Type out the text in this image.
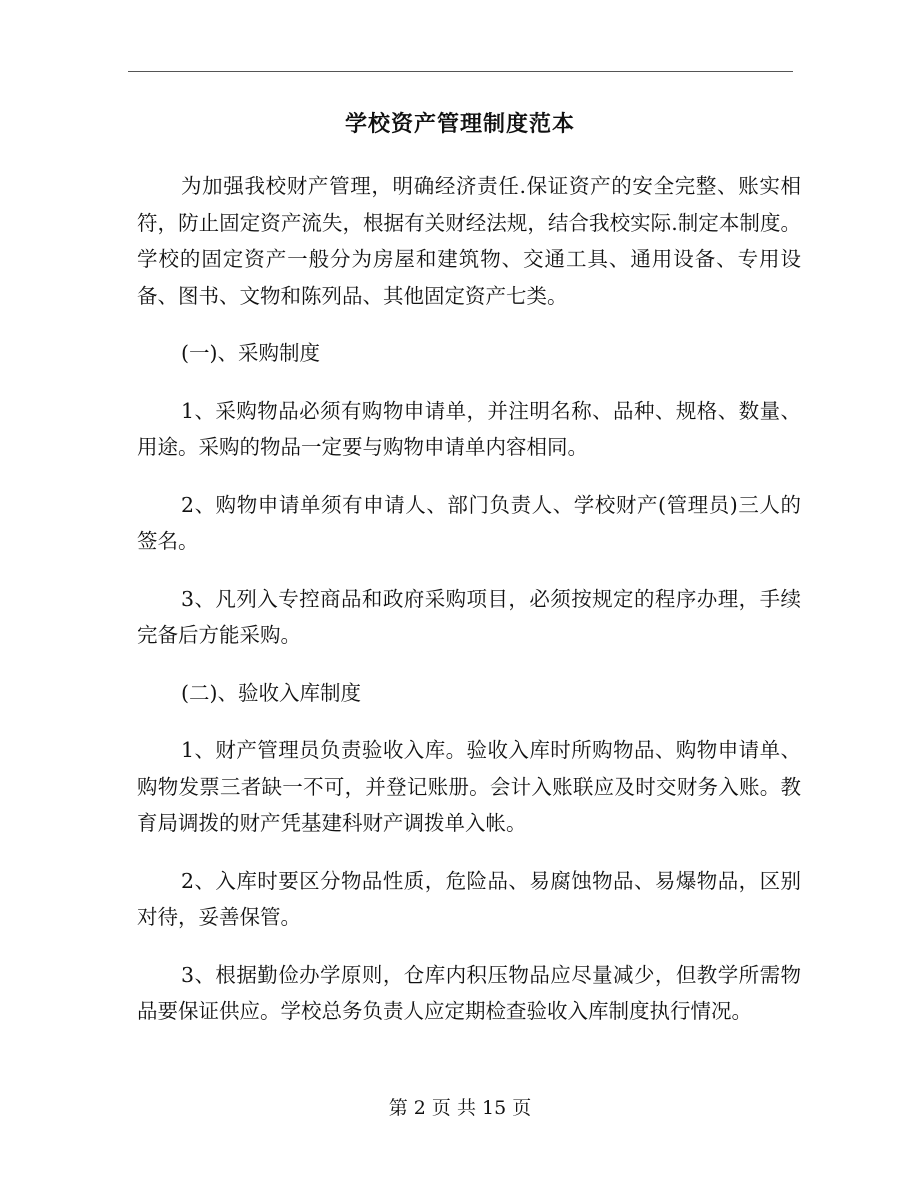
学校资产管理制度范本

为加强我校财产管理，明确经济责任.保证资产的安全完整、账实相符，防止固定资产流失，根据有关财经法规，结合我校实际.制定本制度。学校的固定资产一般分为房屋和建筑物、交通工具、通用设备、专用设备、图书、文物和陈列品、其他固定资产七类。

(一)、采购制度

1、采购物品必须有购物申请单，并注明名称、品种、规格、数量、用途。采购的物品一定要与购物申请单内容相同。

2、购物申请单须有申请人、部门负责人、学校财产(管理员)三人的签名。

3、凡列入专控商品和政府采购项目，必须按规定的程序办理，手续完备后方能采购。

(二)、验收入库制度

1、财产管理员负责验收入库。验收入库时所购物品、购物申请单、购物发票三者缺一不可，并登记账册。会计入账联应及时交财务入账。教育局调拨的财产凭基建科财产调拨单入帐。

2、入库时要区分物品性质，危险品、易腐蚀物品、易爆物品，区别对待，妥善保管。

3、根据勤俭办学原则，仓库内积压物品应尽量减少，但教学所需物品要保证供应。学校总务负责人应定期检查验收入库制度执行情况。

第 2 页 共 15 页
